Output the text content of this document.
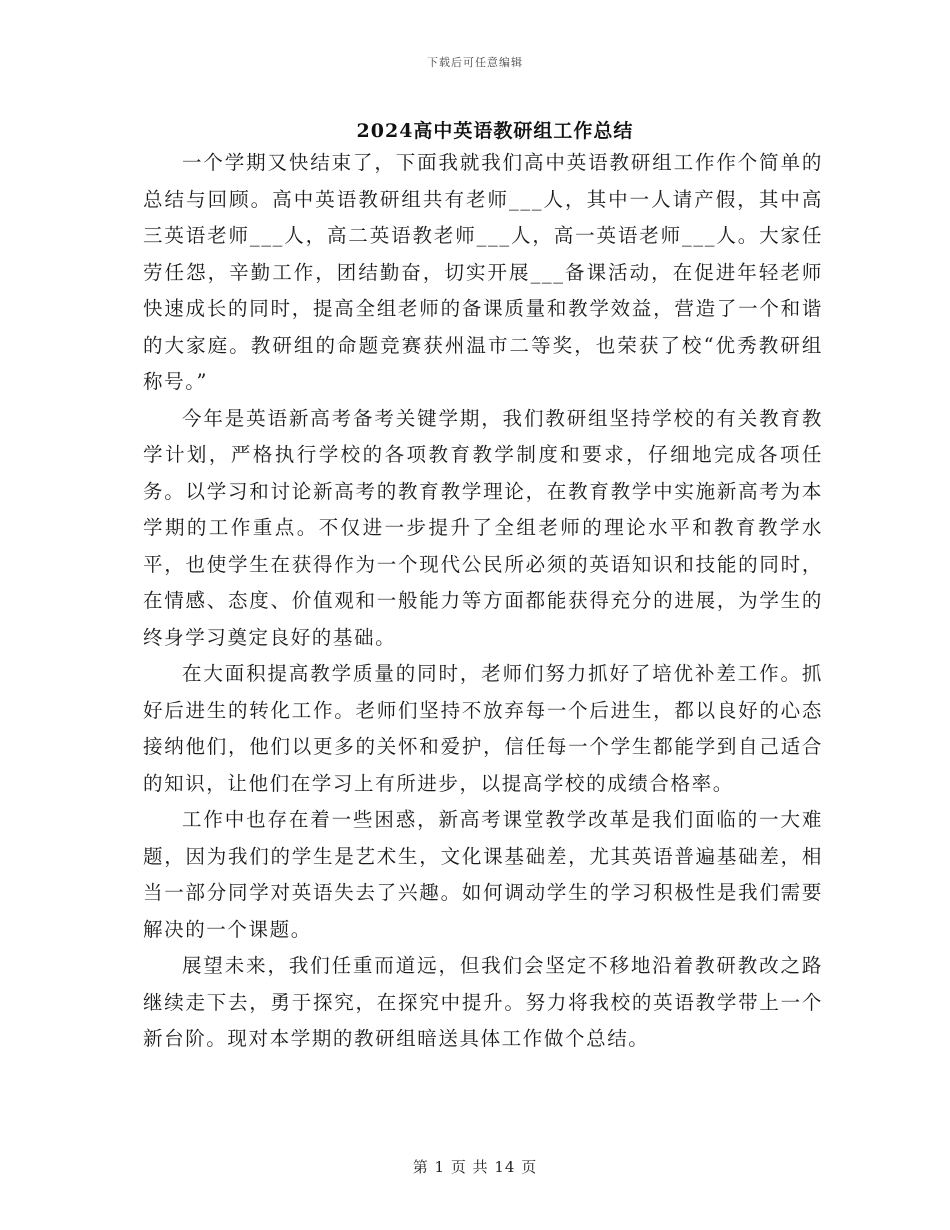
下载后可任意编辑
2024高中英语教研组工作总结

一个学期又快结束了，下面我就我们高中英语教研组工作作个简单的总结与回顾。高中英语教研组共有老师___人，其中一人请产假，其中高三英语老师___人，高二英语教老师___人，高一英语老师___人。大家任劳任怨，辛勤工作，团结勤奋，切实开展___备课活动，在促进年轻老师快速成长的同时，提高全组老师的备课质量和教学效益，营造了一个和谐的大家庭。教研组的命题竞赛获州温市二等奖，也荣获了校“优秀教研组称号。”

今年是英语新高考备考关键学期，我们教研组坚持学校的有关教育教学计划，严格执行学校的各项教育教学制度和要求，仔细地完成各项任务。以学习和讨论新高考的教育教学理论，在教育教学中实施新高考为本学期的工作重点。不仅进一步提升了全组老师的理论水平和教育教学水平，也使学生在获得作为一个现代公民所必须的英语知识和技能的同时，在情感、态度、价值观和一般能力等方面都能获得充分的进展，为学生的终身学习奠定良好的基础。

在大面积提高教学质量的同时，老师们努力抓好了培优补差工作。抓好后进生的转化工作。老师们坚持不放弃每一个后进生，都以良好的心态接纳他们，他们以更多的关怀和爱护，信任每一个学生都能学到自己适合的知识，让他们在学习上有所进步，以提高学校的成绩合格率。

工作中也存在着一些困惑，新高考课堂教学改革是我们面临的一大难题，因为我们的学生是艺术生，文化课基础差，尤其英语普遍基础差，相当一部分同学对英语失去了兴趣。如何调动学生的学习积极性是我们需要解决的一个课题。

展望未来，我们任重而道远，但我们会坚定不移地沿着教研教改之路继续走下去，勇于探究，在探究中提升。努力将我校的英语教学带上一个新台阶。现对本学期的教研组暗送具体工作做个总结。

第 1 页 共 14 页
